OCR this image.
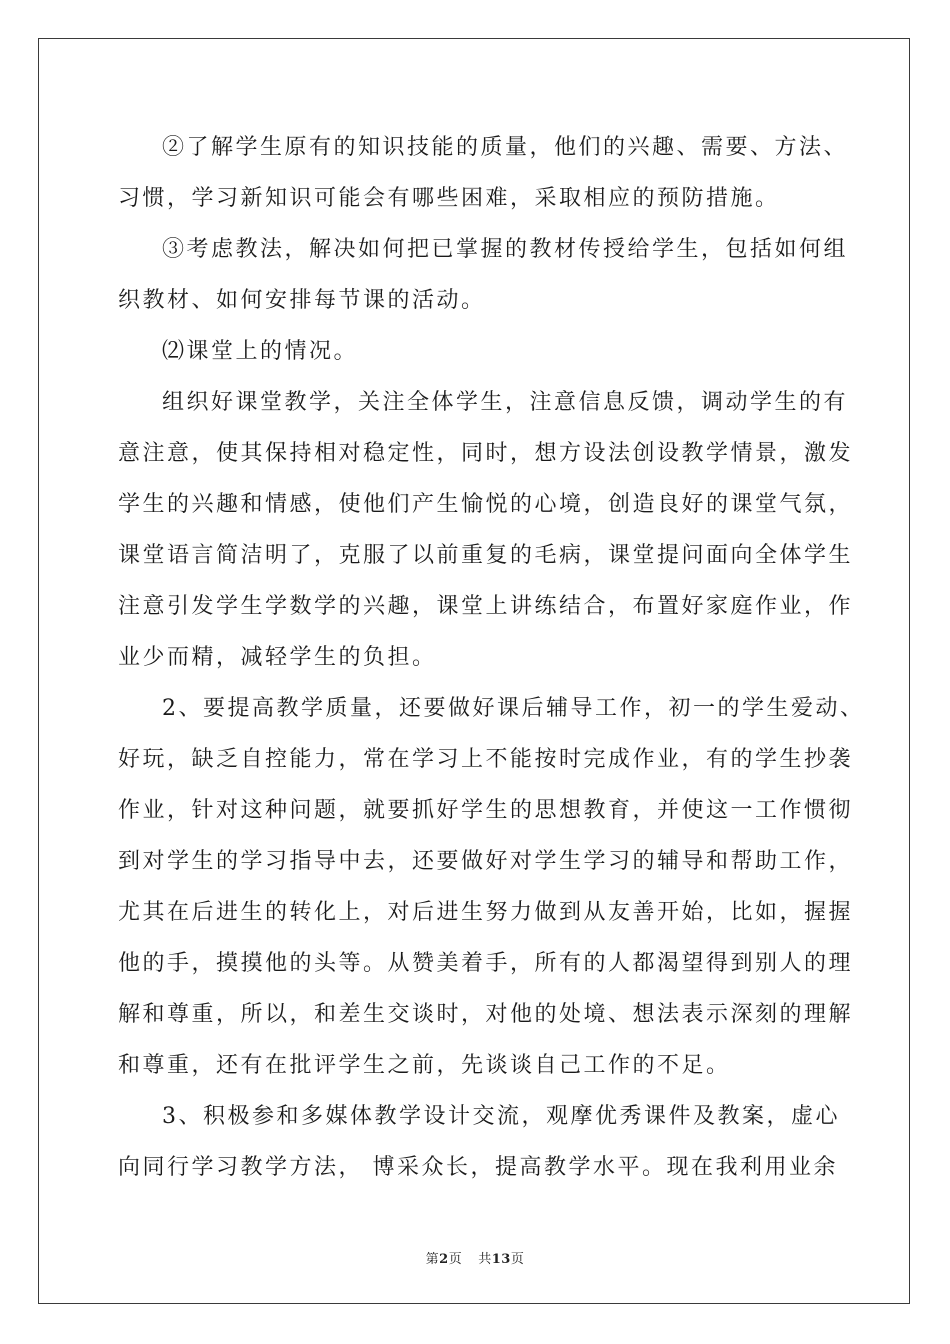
②了解学生原有的知识技能的质量，他们的兴趣、需要、方法、
习惯，学习新知识可能会有哪些困难，采取相应的预防措施。

③考虑教法，解决如何把已掌握的教材传授给学生，包括如何组
织教材、如何安排每节课的活动。

⑵课堂上的情况。

组织好课堂教学，关注全体学生，注意信息反馈，调动学生的有
意注意，使其保持相对稳定性，同时，想方设法创设教学情景，激发
学生的兴趣和情感，使他们产生愉悦的心境，创造良好的课堂气氛，
课堂语言简洁明了，克服了以前重复的毛病，课堂提问面向全体学生
注意引发学生学数学的兴趣，课堂上讲练结合，布置好家庭作业，作
业少而精，减轻学生的负担。

2、要提高教学质量，还要做好课后辅导工作，初一的学生爱动、
好玩，缺乏自控能力，常在学习上不能按时完成作业，有的学生抄袭
作业，针对这种问题，就要抓好学生的思想教育，并使这一工作惯彻
到对学生的学习指导中去，还要做好对学生学习的辅导和帮助工作，
尤其在后进生的转化上，对后进生努力做到从友善开始，比如，握握
他的手，摸摸他的头等。从赞美着手，所有的人都渴望得到别人的理
解和尊重，所以，和差生交谈时，对他的处境、想法表示深刻的理解
和尊重，还有在批评学生之前，先谈谈自己工作的不足。

3、积极参和多媒体教学设计交流，观摩优秀课件及教案，虚心
向同行学习教学方法， 博采众长，提高教学水平。现在我利用业余

第2页 共13页
